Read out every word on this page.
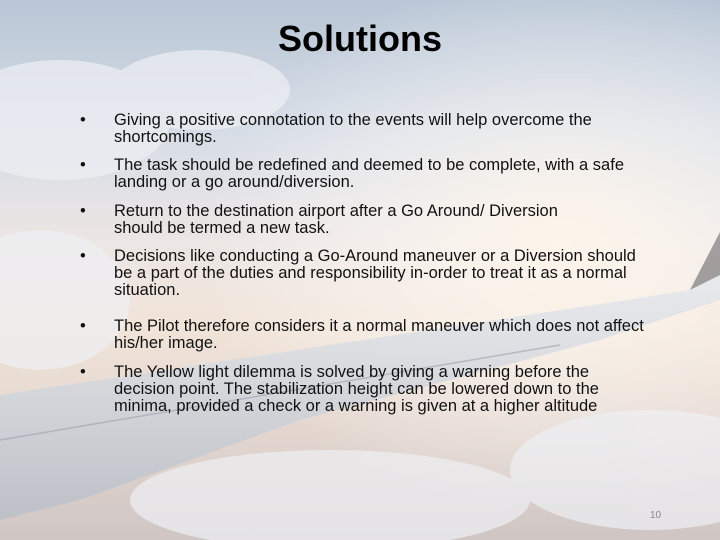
Solutions
• Giving a positive connotation to the events will help overcome the shortcomings.
• The task should be redefined and deemed to be complete, with a safe landing or a go around/diversion.
• Return to the destination airport after a Go Around/ Diversion should be termed a new task.
• Decisions like conducting a Go-Around maneuver or a Diversion should be a part of the duties and responsibility in-order to treat it as a normal situation.
• The Pilot therefore considers it a normal maneuver which does not affect his/her image.
• The Yellow light dilemma is solved by giving a warning before the decision point. The stabilization height can be lowered down to the minima, provided a check or a warning is given at a higher altitude
10
